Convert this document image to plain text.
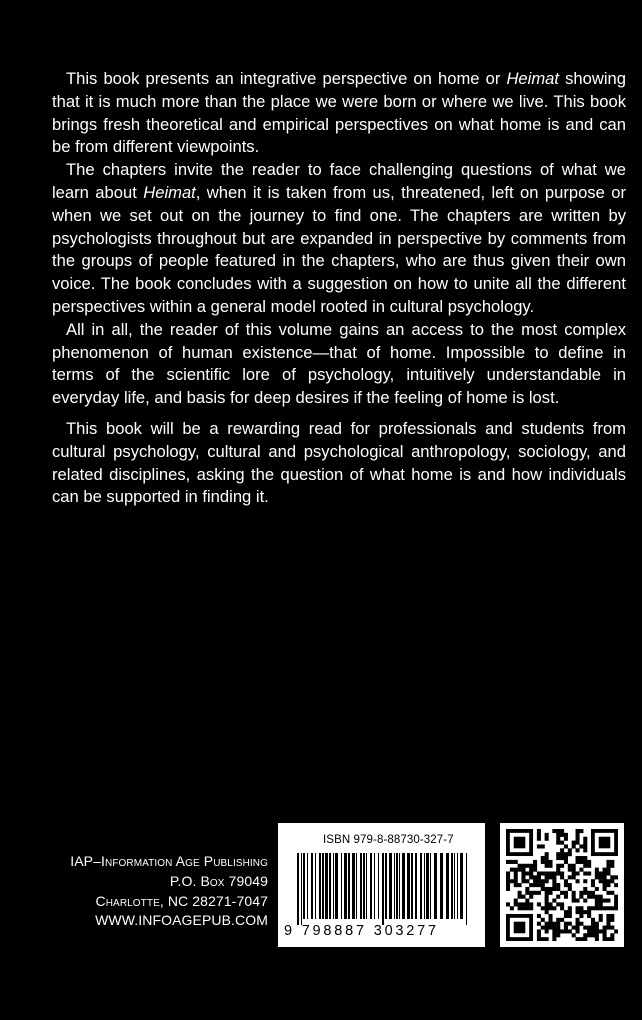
This book presents an integrative perspective on home or Heimat showing that it is much more than the place we were born or where we live. This book brings fresh theoretical and empirical perspectives on what home is and can be from different viewpoints.

The chapters invite the reader to face challenging questions of what we learn about Heimat, when it is taken from us, threatened, left on purpose or when we set out on the journey to find one. The chapters are written by psychologists throughout but are expanded in perspective by comments from the groups of people featured in the chapters, who are thus given their own voice. The book concludes with a suggestion on how to unite all the different perspectives within a general model rooted in cultural psychology.

All in all, the reader of this volume gains an access to the most complex phenomenon of human existence—that of home. Impossible to define in terms of the scientific lore of psychology, intuitively understandable in everyday life, and basis for deep desires if the feeling of home is lost.

This book will be a rewarding read for professionals and students from cultural psychology, cultural and psychological anthropology, sociology, and related disciplines, asking the question of what home is and how individuals can be supported in finding it.

IAP–Information Age Publishing
P.O. Box 79049
Charlotte, NC 28271-7047
WWW.INFOAGEPUB.COM
ISBN 979-8-88730-327-7
9 798887 303277
